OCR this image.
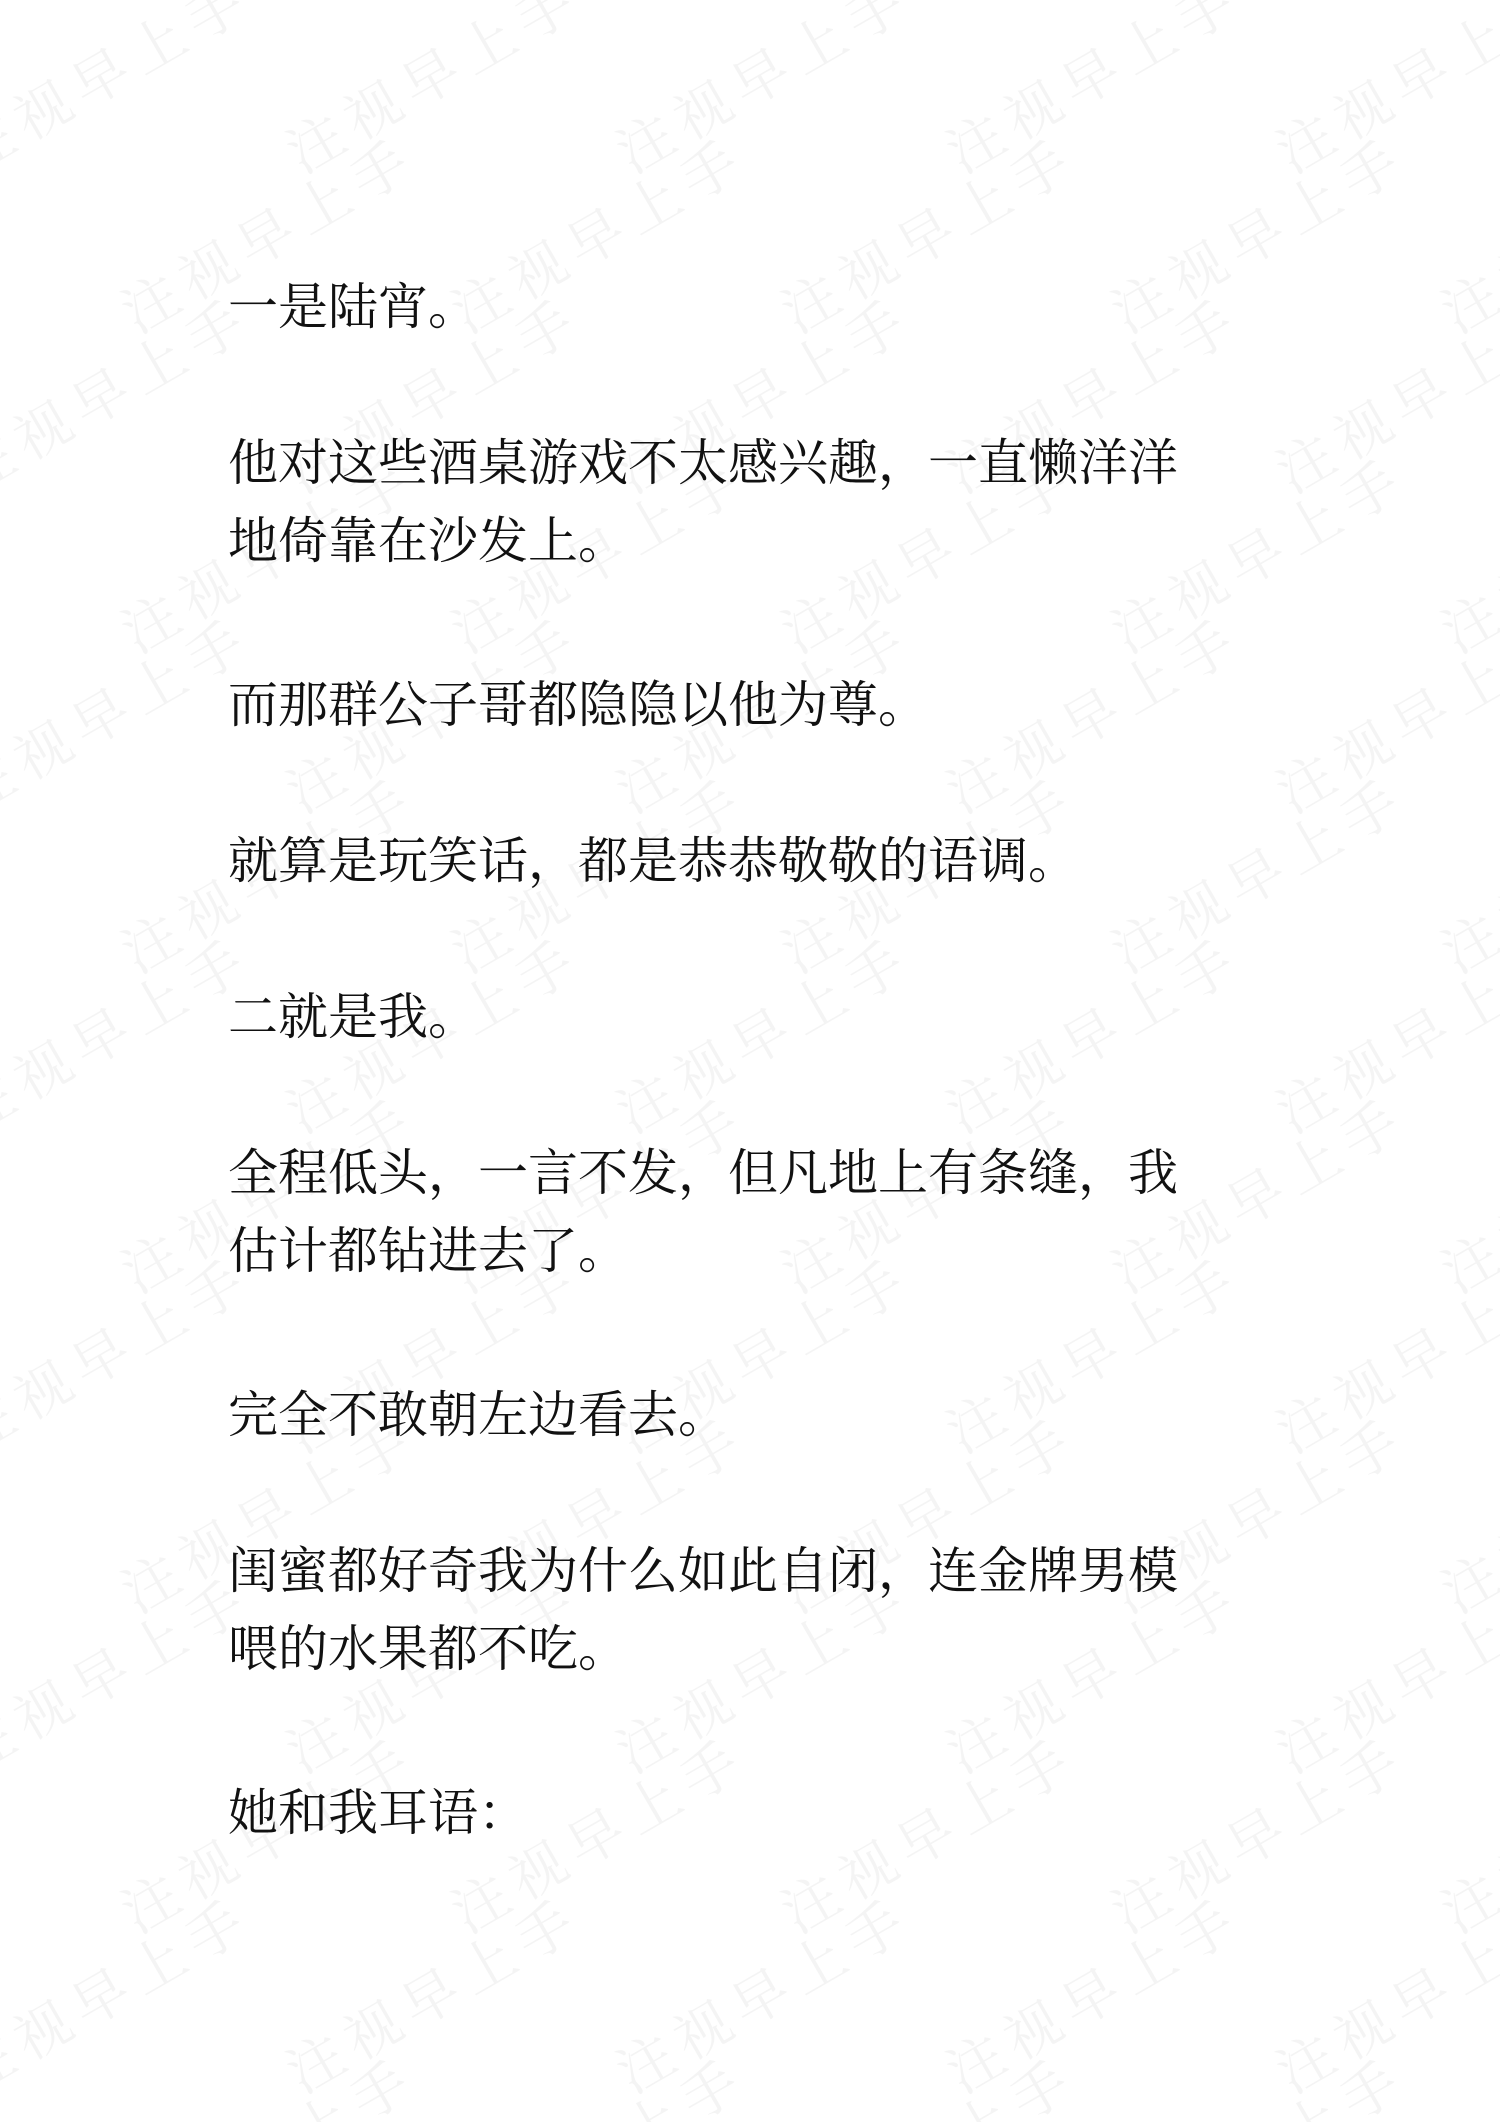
一是陆宵。
他对这些酒桌游戏不太感兴趣，一直懒洋洋
地倚靠在沙发上。
而那群公子哥都隐隐以他为尊。
就算是玩笑话，都是恭恭敬敬的语调。
二就是我。
全程低头，一言不发，但凡地上有条缝，我
估计都钻进去了。
完全不敢朝左边看去。
闺蜜都好奇我为什么如此自闭，连金牌男模
喂的水果都不吃。
她和我耳语：
